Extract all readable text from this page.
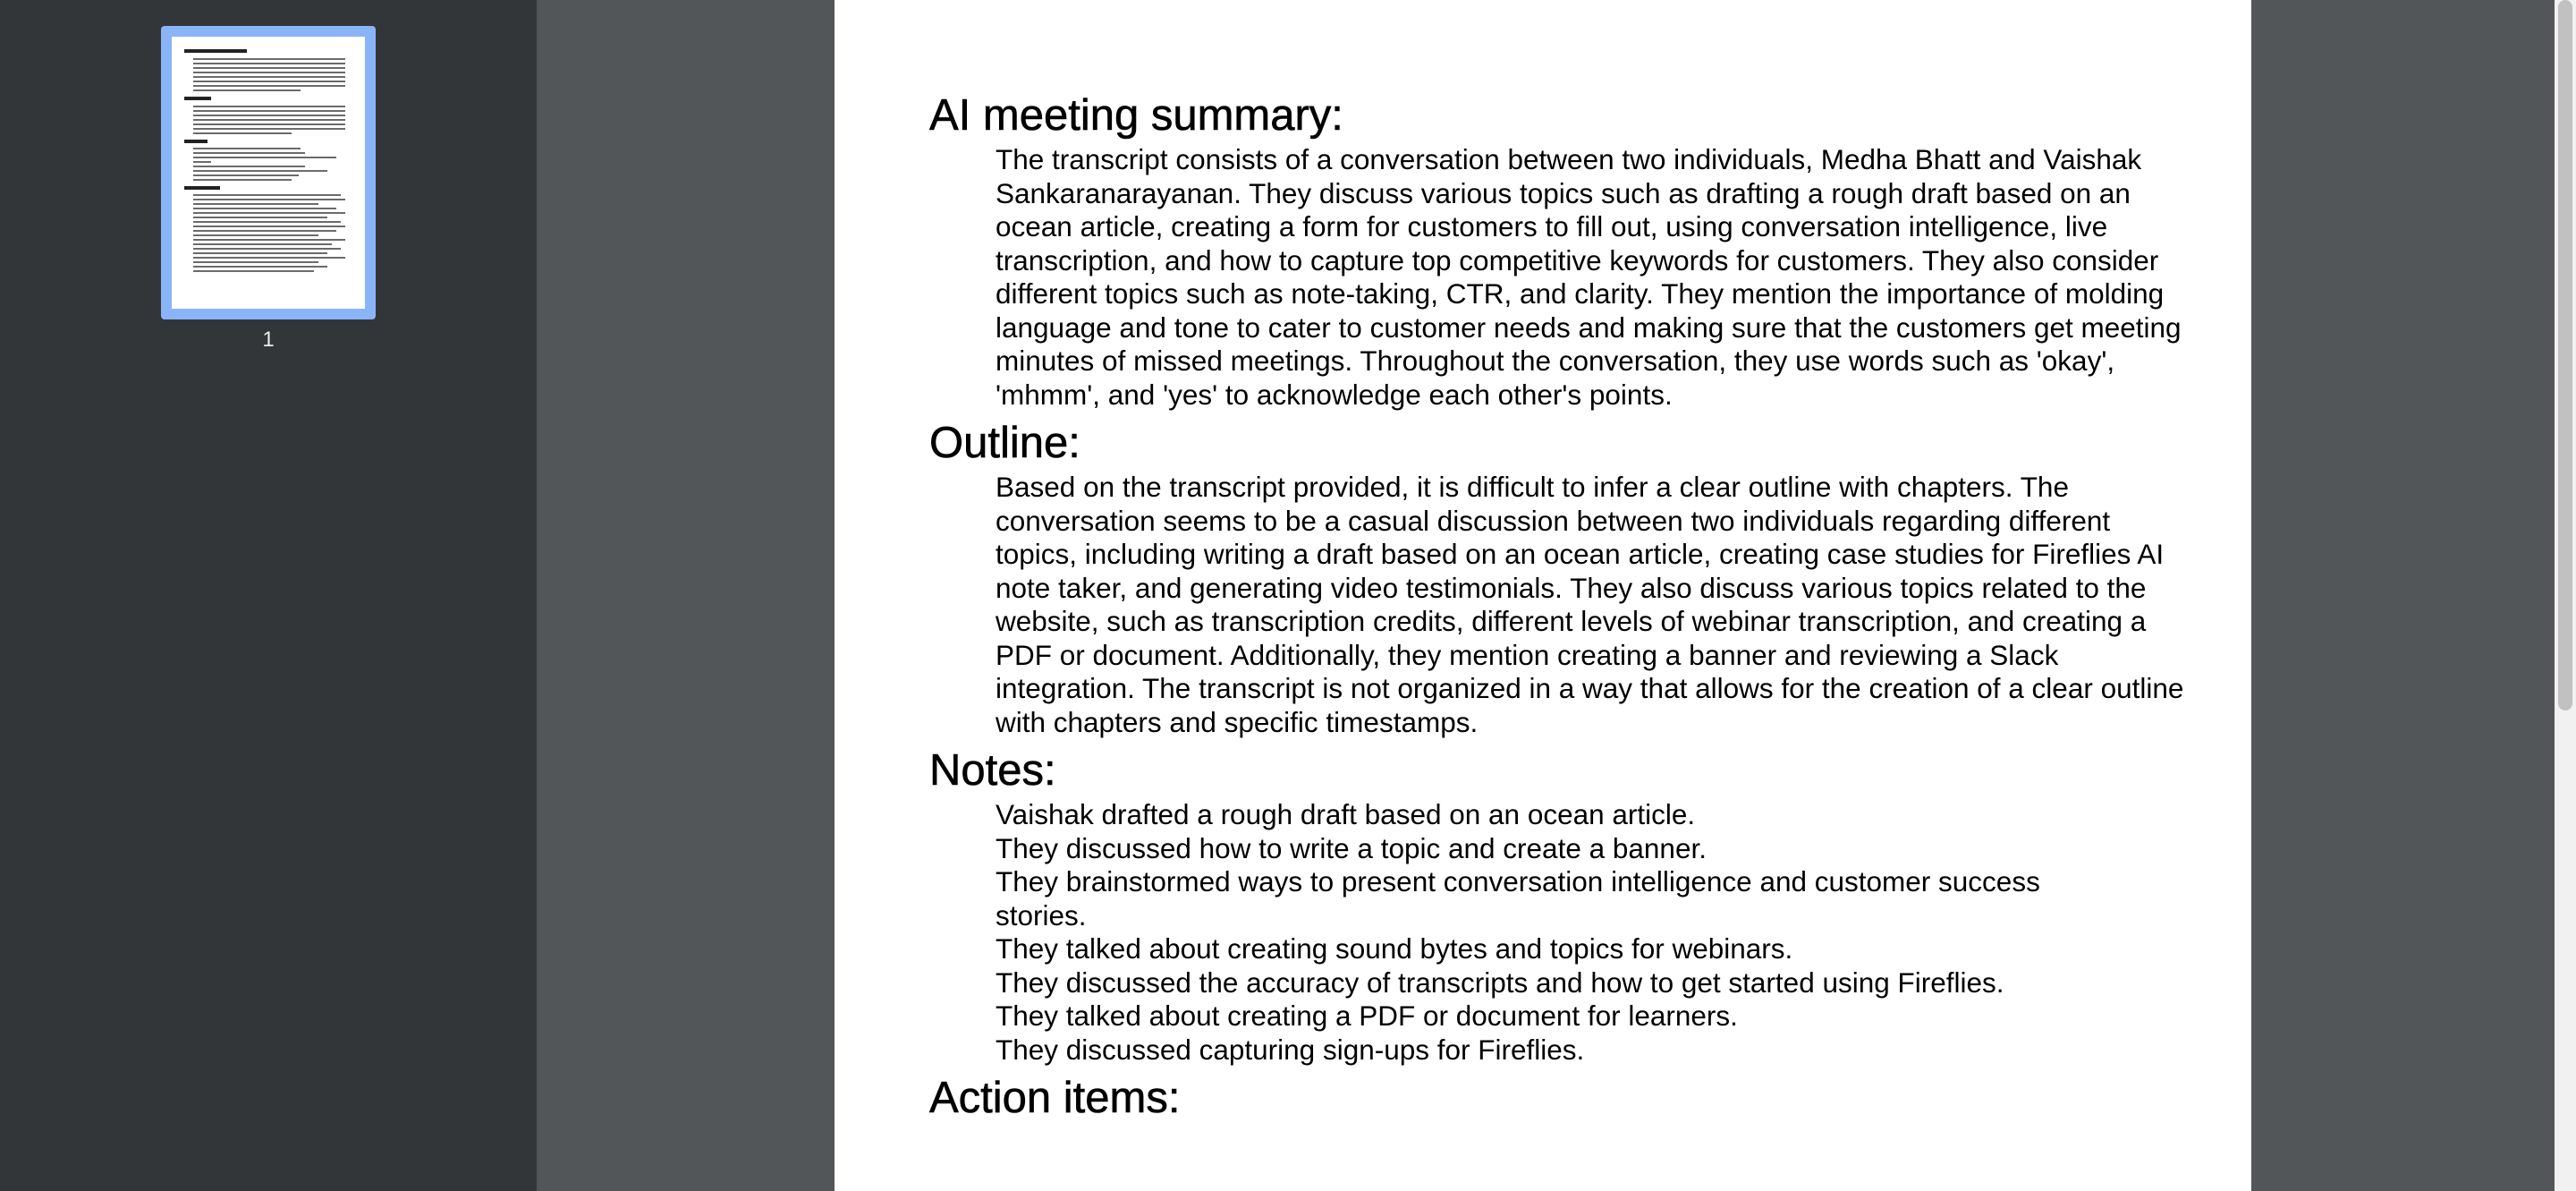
1
AI meeting summary:

The transcript consists of a conversation between two individuals, Medha Bhatt and Vaishak Sankaranarayanan. They discuss various topics such as drafting a rough draft based on an ocean article, creating a form for customers to fill out, using conversation intelligence, live transcription, and how to capture top competitive keywords for customers. They also consider different topics such as note-taking, CTR, and clarity. They mention the importance of molding language and tone to cater to customer needs and making sure that the customers get meeting minutes of missed meetings. Throughout the conversation, they use words such as 'okay', 'mhmm', and 'yes' to acknowledge each other's points.

Outline:

Based on the transcript provided, it is difficult to infer a clear outline with chapters. The conversation seems to be a casual discussion between two individuals regarding different topics, including writing a draft based on an ocean article, creating case studies for Fireflies AI note taker, and generating video testimonials. They also discuss various topics related to the website, such as transcription credits, different levels of webinar transcription, and creating a PDF or document. Additionally, they mention creating a banner and reviewing a Slack integration. The transcript is not organized in a way that allows for the creation of a clear outline with chapters and specific timestamps.

Notes:
Vaishak drafted a rough draft based on an ocean article.
They discussed how to write a topic and create a banner.
They brainstormed ways to present conversation intelligence and customer success stories.
They talked about creating sound bytes and topics for webinars.
They discussed the accuracy of transcripts and how to get started using Fireflies.
They talked about creating a PDF or document for learners.
They discussed capturing sign-ups for Fireflies.
Action items:
